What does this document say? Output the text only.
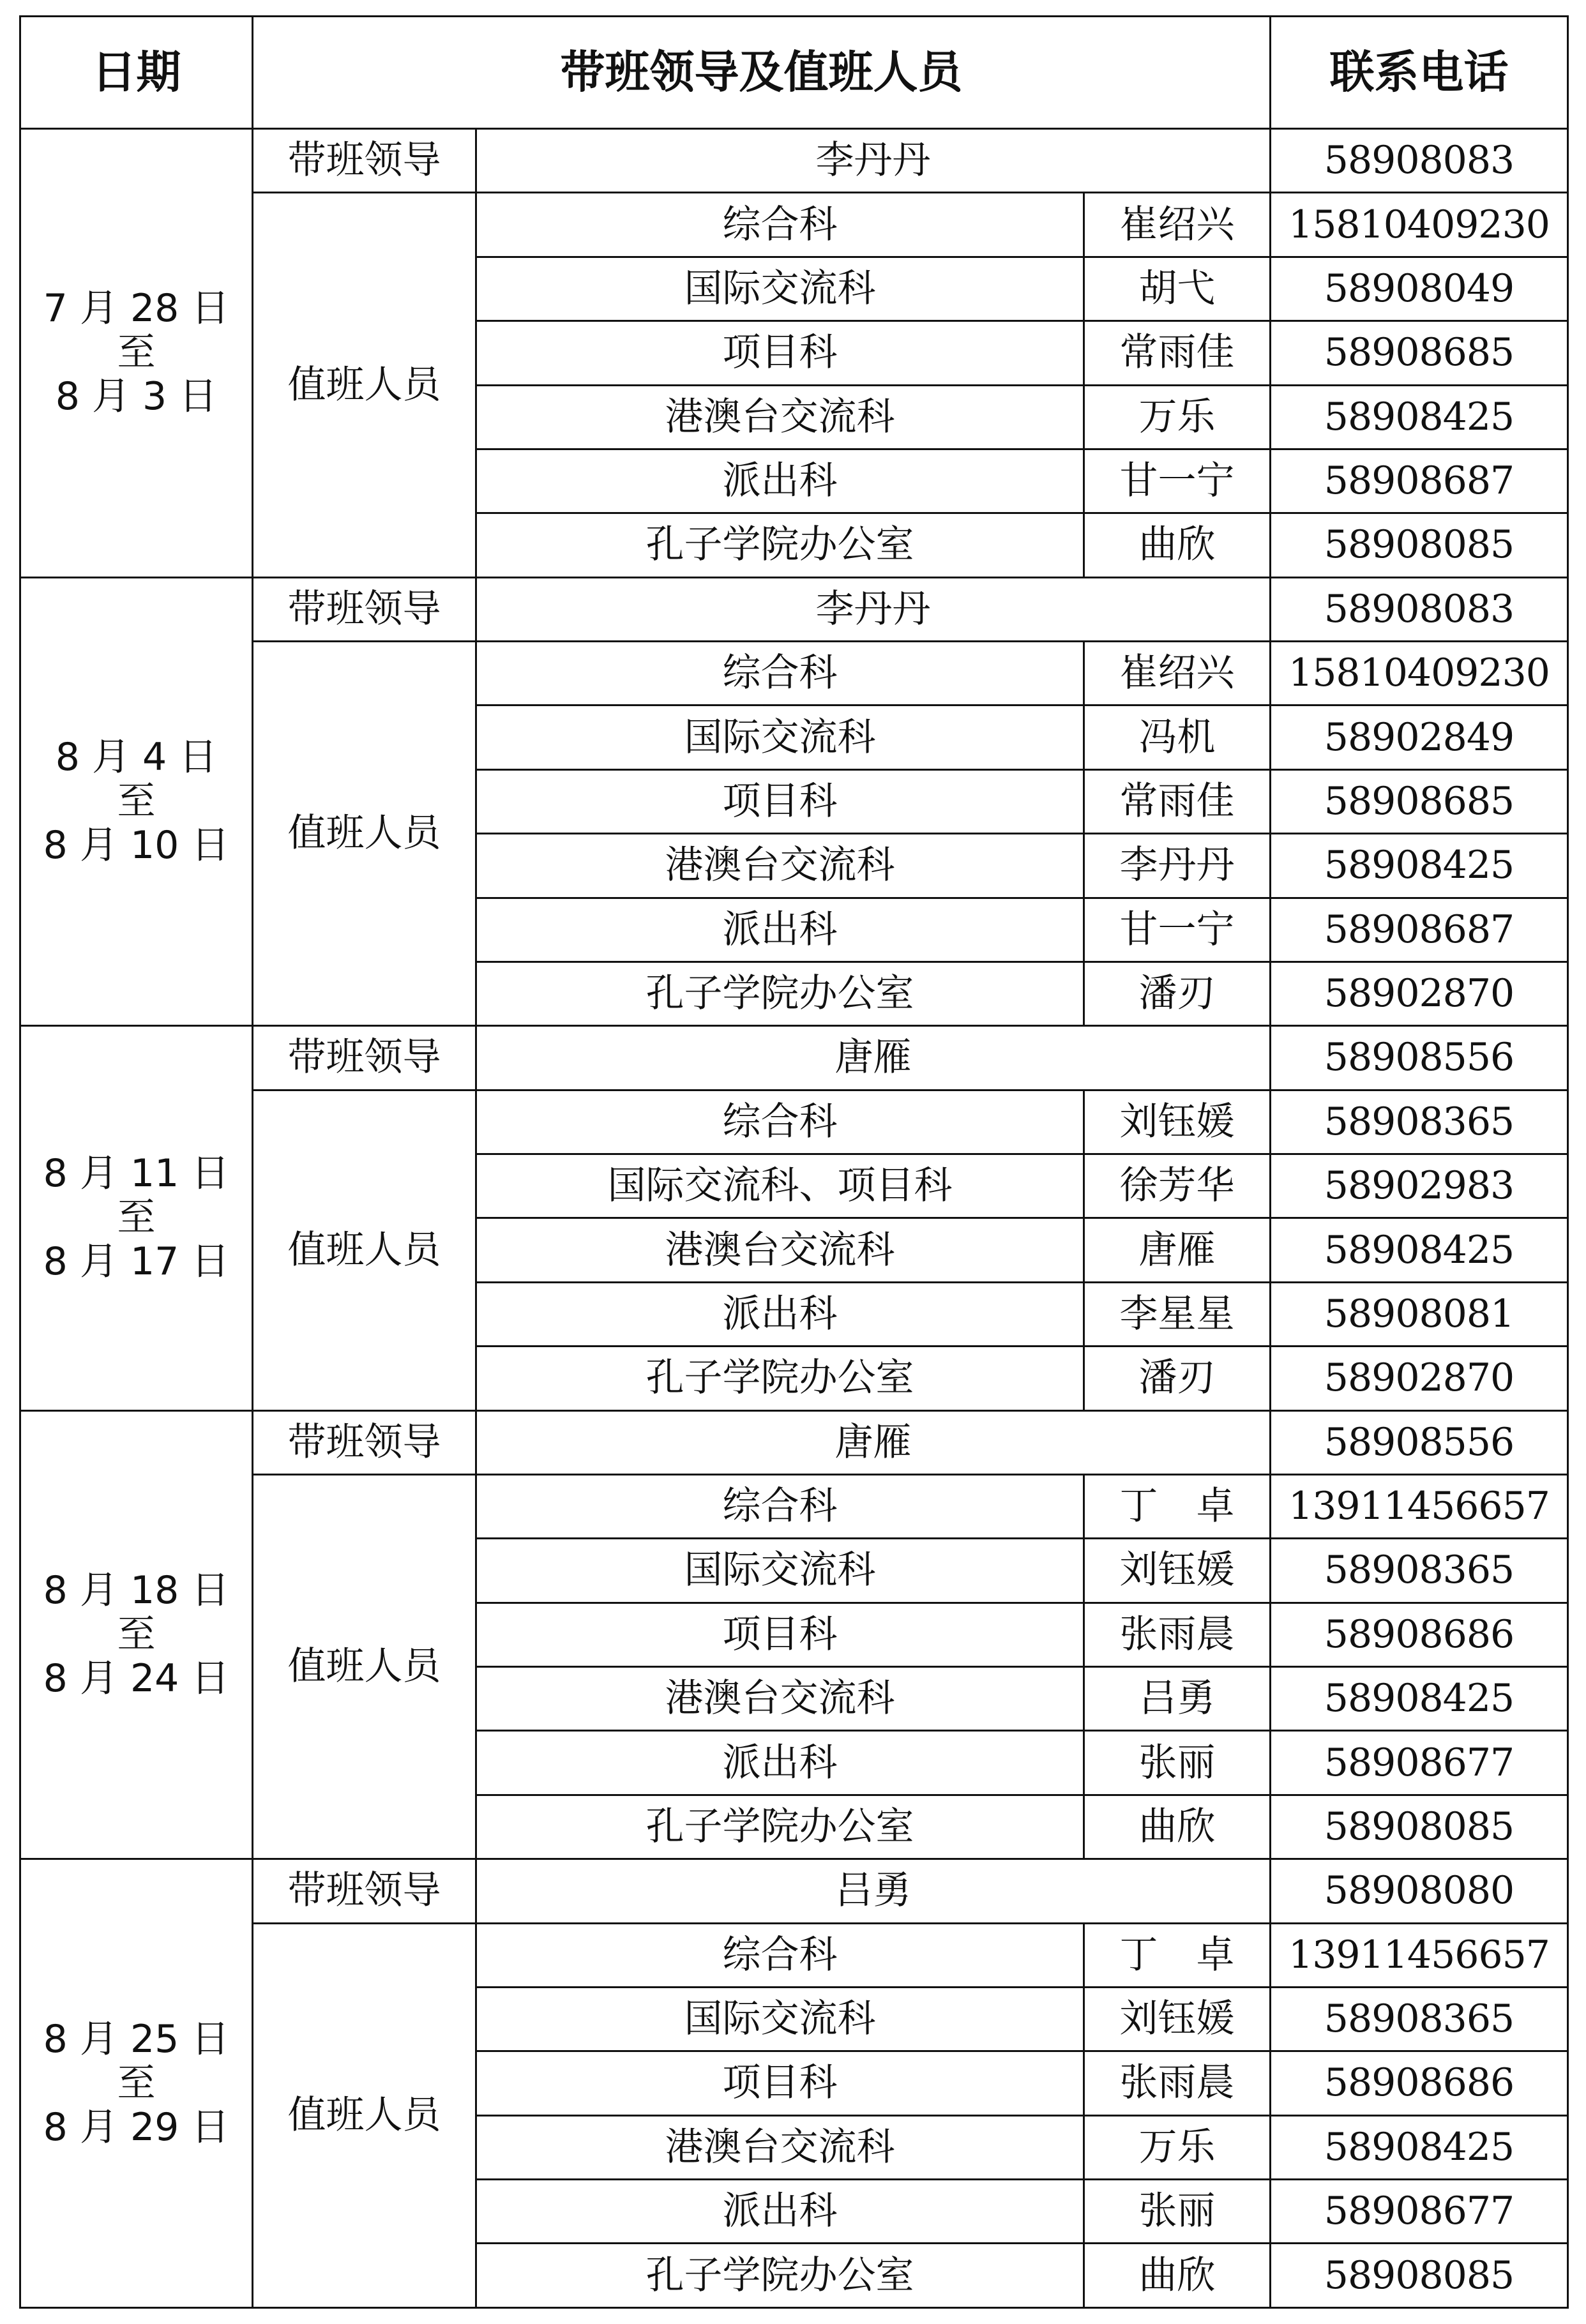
日期	带班领导及值班人员			联系电话

7 月 28 日
至
8 月 3 日	带班领导	李丹丹		58908083
	值班人员	综合科	崔绍兴	15810409230
		国际交流科	胡弋	58908049
		项目科	常雨佳	58908685
		港澳台交流科	万乐	58908425
		派出科	甘一宁	58908687
		孔子学院办公室	曲欣	58908085

8 月 4 日
至
8 月 10 日	带班领导	李丹丹		58908083
	值班人员	综合科	崔绍兴	15810409230
		国际交流科	冯机	58902849
		项目科	常雨佳	58908685
		港澳台交流科	李丹丹	58908425
		派出科	甘一宁	58908687
		孔子学院办公室	潘刃	58902870

8 月 11 日
至
8 月 17 日	带班领导	唐雁		58908556
	值班人员	综合科	刘钰媛	58908365
		国际交流科、项目科	徐芳华	58902983
		港澳台交流科	唐雁	58908425
		派出科	李星星	58908081
		孔子学院办公室	潘刃	58902870

8 月 18 日
至
8 月 24 日	带班领导	唐雁		58908556
	值班人员	综合科	丁　卓	13911456657
		国际交流科	刘钰媛	58908365
		项目科	张雨晨	58908686
		港澳台交流科	吕勇	58908425
		派出科	张丽	58908677
		孔子学院办公室	曲欣	58908085

8 月 25 日
至
8 月 29 日	带班领导	吕勇		58908080
	值班人员	综合科	丁　卓	13911456657
		国际交流科	刘钰媛	58908365
		项目科	张雨晨	58908686
		港澳台交流科	万乐	58908425
		派出科	张丽	58908677
		孔子学院办公室	曲欣	58908085
